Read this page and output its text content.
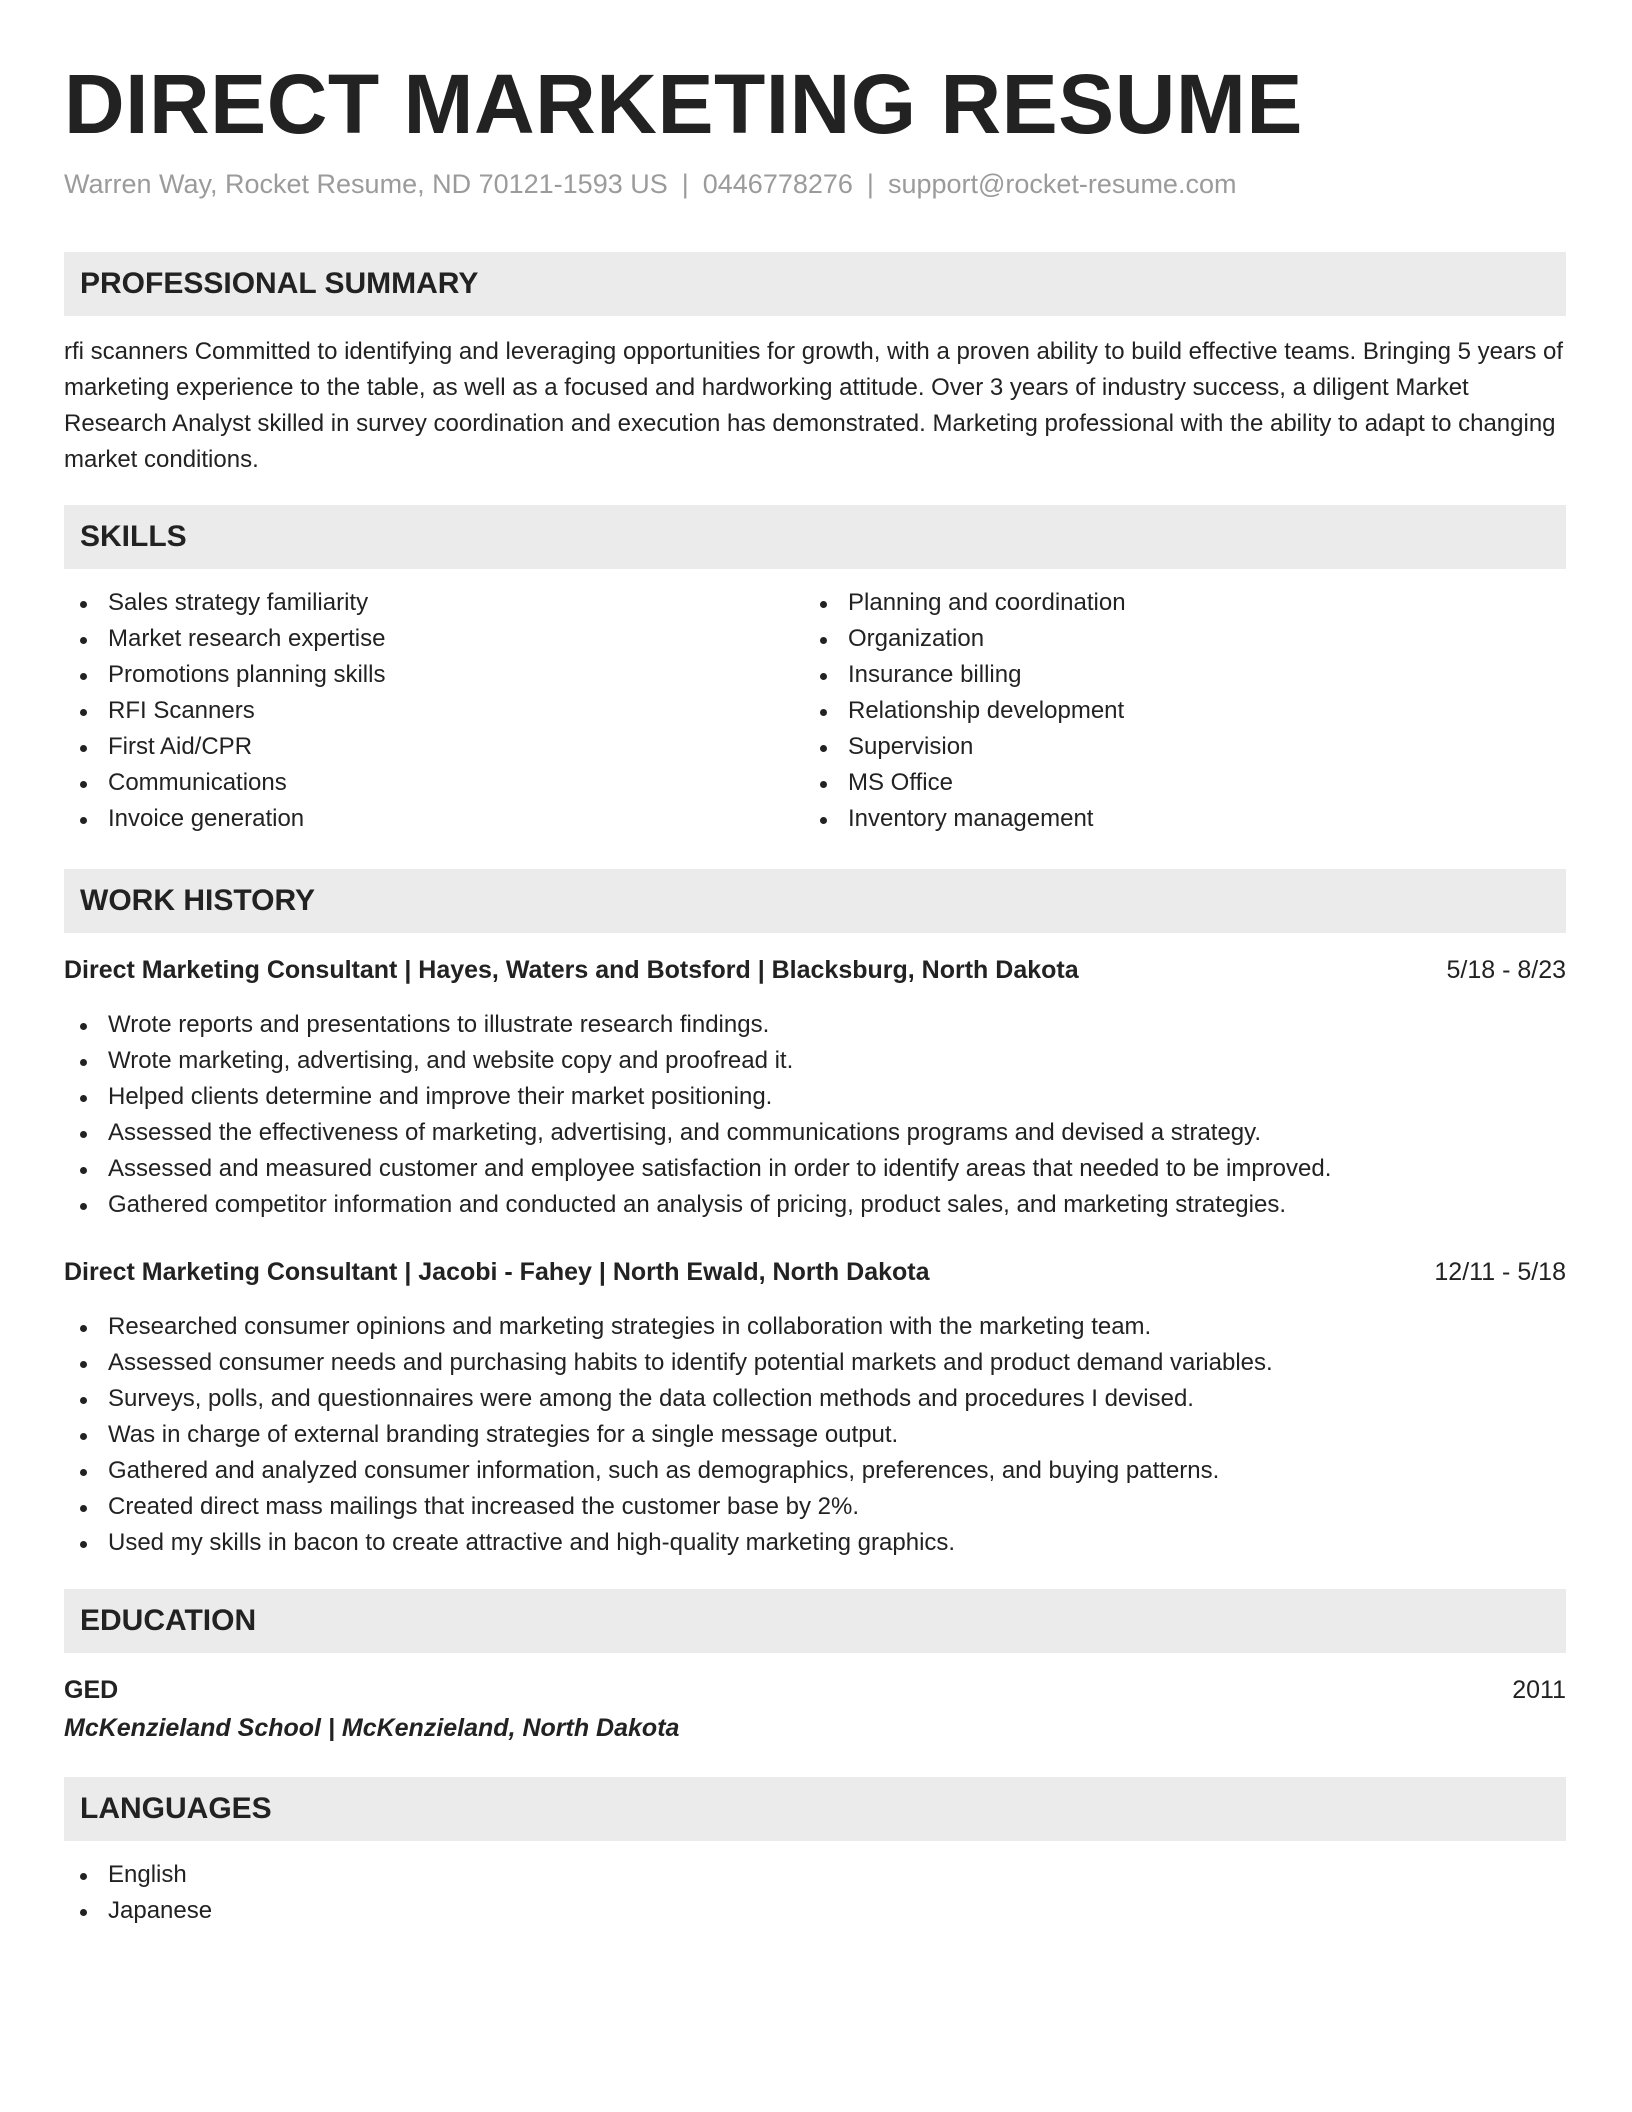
DIRECT MARKETING RESUME
Warren Way, Rocket Resume, ND 70121-1593 US | 0446778276 | support@rocket-resume.com
PROFESSIONAL SUMMARY

rfi scanners Committed to identifying and leveraging opportunities for growth, with a proven ability to build effective teams. Bringing 5 years of marketing experience to the table, as well as a focused and hardworking attitude. Over 3 years of industry success, a diligent Market Research Analyst skilled in survey coordination and execution has demonstrated. Marketing professional with the ability to adapt to changing market conditions.

SKILLS
Sales strategy familiarity
Market research expertise
Promotions planning skills
RFI Scanners
First Aid/CPR
Communications
Invoice generation
Planning and coordination
Organization
Insurance billing
Relationship development
Supervision
MS Office
Inventory management
WORK HISTORY
Direct Marketing Consultant | Hayes, Waters and Botsford | Blacksburg, North Dakota	5/18 - 8/23
Wrote reports and presentations to illustrate research findings.
Wrote marketing, advertising, and website copy and proofread it.
Helped clients determine and improve their market positioning.
Assessed the effectiveness of marketing, advertising, and communications programs and devised a strategy.
Assessed and measured customer and employee satisfaction in order to identify areas that needed to be improved.
Gathered competitor information and conducted an analysis of pricing, product sales, and marketing strategies.
Direct Marketing Consultant | Jacobi - Fahey | North Ewald, North Dakota	12/11 - 5/18
Researched consumer opinions and marketing strategies in collaboration with the marketing team.
Assessed consumer needs and purchasing habits to identify potential markets and product demand variables.
Surveys, polls, and questionnaires were among the data collection methods and procedures I devised.
Was in charge of external branding strategies for a single message output.
Gathered and analyzed consumer information, such as demographics, preferences, and buying patterns.
Created direct mass mailings that increased the customer base by 2%.
Used my skills in bacon to create attractive and high-quality marketing graphics.
EDUCATION
GED	2011
McKenzieland School | McKenzieland, North Dakota
LANGUAGES
English
Japanese
